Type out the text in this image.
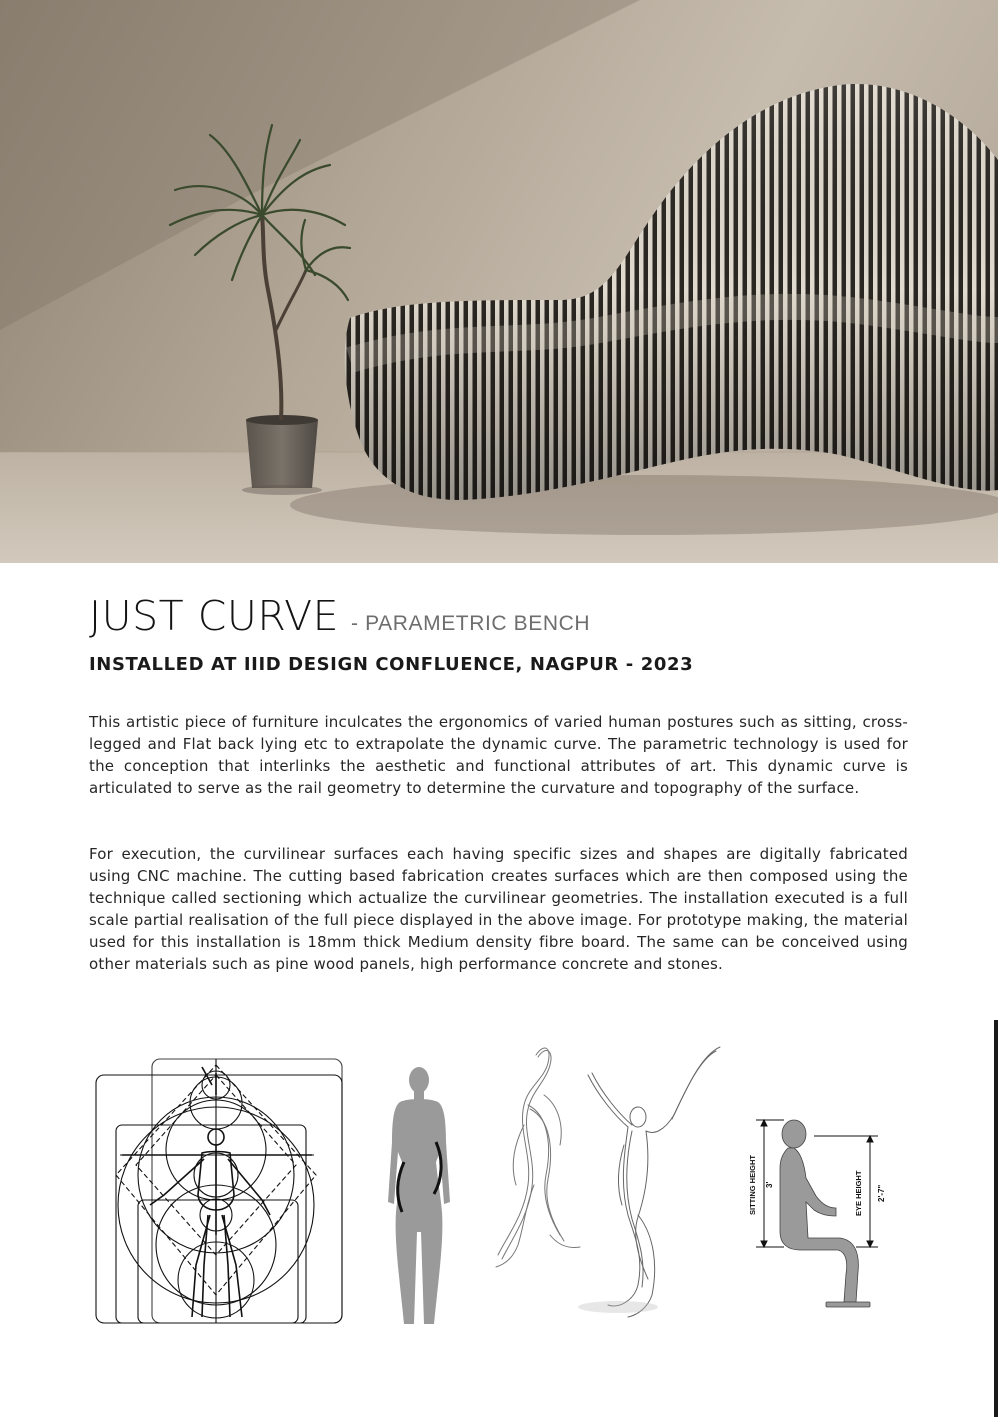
JUST CURVE - PARAMETRIC BENCH
INSTALLED AT IIID DESIGN CONFLUENCE, NAGPUR - 2023

This artistic piece of furniture inculcates the ergonomics of varied human postures such as sitting, cross-legged and Flat back lying etc to extrapolate the dynamic curve. The parametric technology is used for the conception that interlinks the aesthetic and functional attributes of art. This dynamic curve is articulated to serve as the rail geometry to determine the curvature and topography of the surface.

For execution, the curvilinear surfaces each having specific sizes and shapes are digitally fabricated using CNC machine. The cutting based fabrication creates surfaces which are then composed using the technique called sectioning which actualize the curvilinear geometries. The installation executed is a full scale partial realisation of the full piece displayed in the above image. For prototype making, the material used for this installation is 18mm thick Medium density fibre board. The same can be conceived using other materials such as pine wood panels, high performance concrete and stones.

SITTING HEIGHT 3'	EYE HEIGHT 2'-7"
